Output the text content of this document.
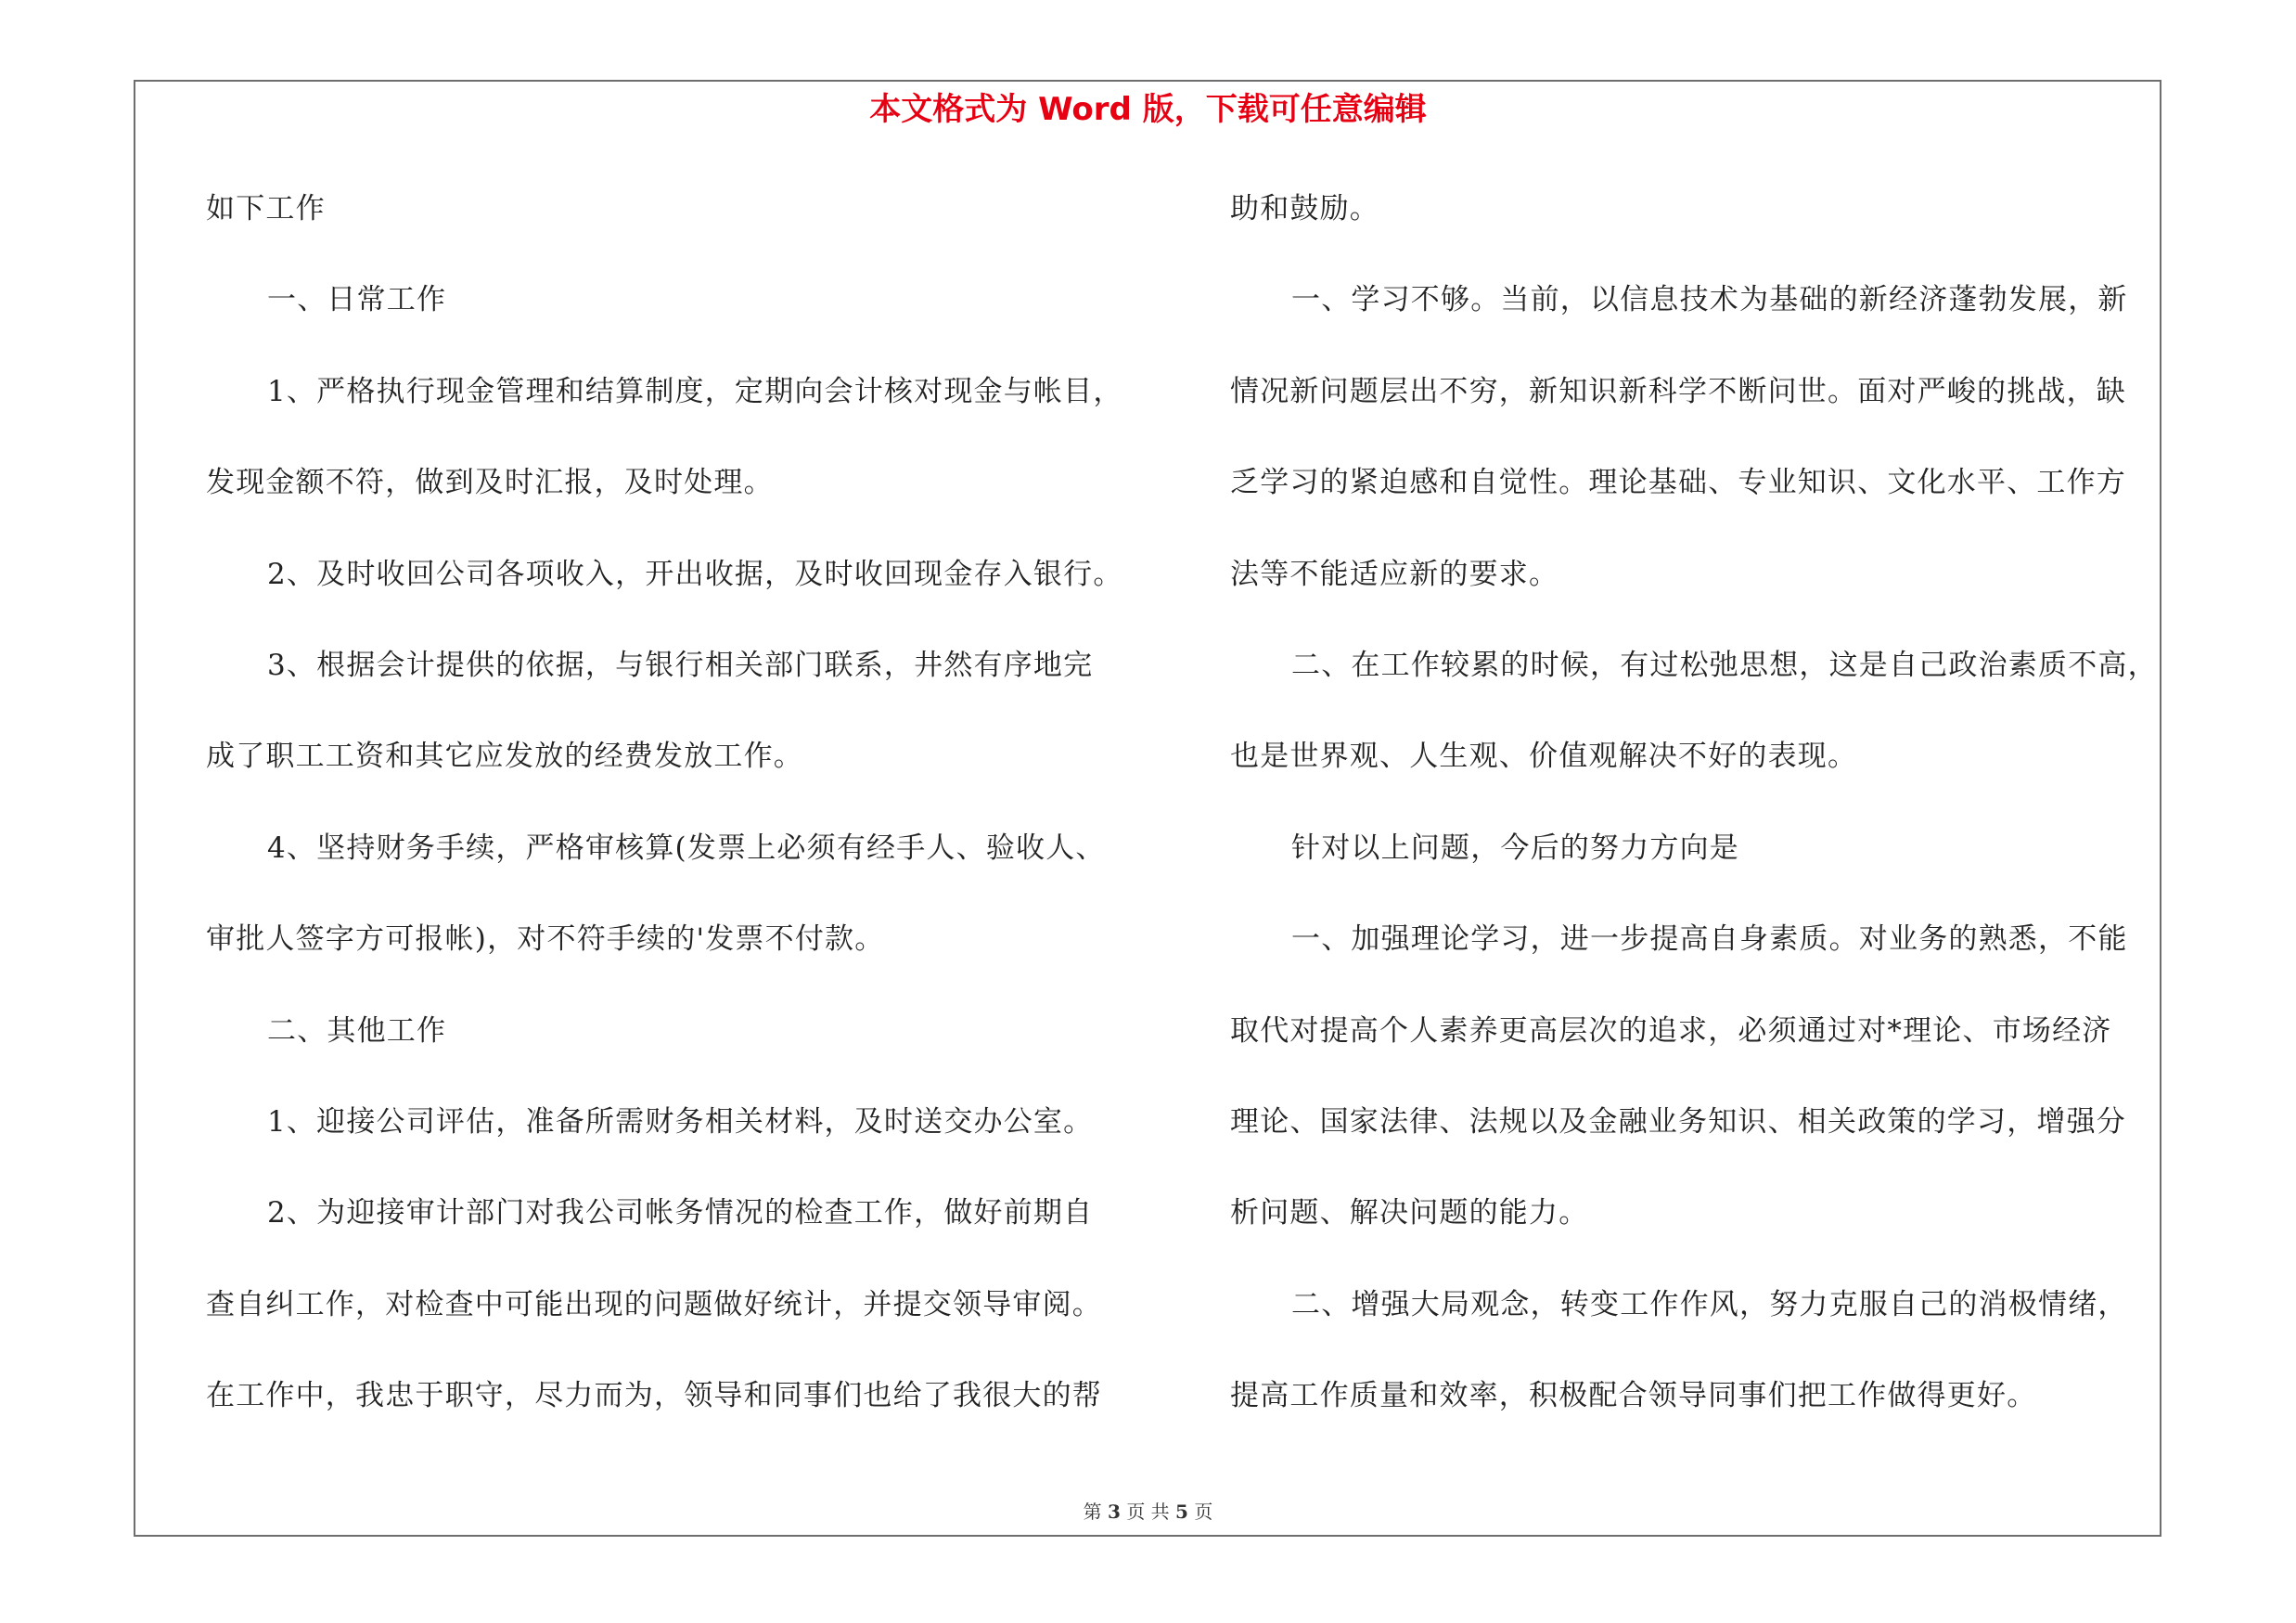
本文格式为 Word 版，下载可任意编辑
如下工作
一、日常工作
1、严格执行现金管理和结算制度，定期向会计核对现金与帐目，
发现金额不符，做到及时汇报，及时处理。
2、及时收回公司各项收入，开出收据，及时收回现金存入银行。
3、根据会计提供的依据，与银行相关部门联系，井然有序地完
成了职工工资和其它应发放的经费发放工作。
4、坚持财务手续，严格审核算(发票上必须有经手人、验收人、
审批人签字方可报帐)，对不符手续的'发票不付款。
二、其他工作
1、迎接公司评估，准备所需财务相关材料，及时送交办公室。
2、为迎接审计部门对我公司帐务情况的检查工作，做好前期自
查自纠工作，对检查中可能出现的问题做好统计，并提交领导审阅。
在工作中，我忠于职守，尽力而为，领导和同事们也给了我很大的帮
助和鼓励。
一、学习不够。当前，以信息技术为基础的新经济蓬勃发展，新
情况新问题层出不穷，新知识新科学不断问世。面对严峻的挑战，缺
乏学习的紧迫感和自觉性。理论基础、专业知识、文化水平、工作方
法等不能适应新的要求。
二、在工作较累的时候，有过松弛思想，这是自己政治素质不高，
也是世界观、人生观、价值观解决不好的表现。
针对以上问题，今后的努力方向是
一、加强理论学习，进一步提高自身素质。对业务的熟悉，不能
取代对提高个人素养更高层次的追求，必须通过对*理论、市场经济
理论、国家法律、法规以及金融业务知识、相关政策的学习，增强分
析问题、解决问题的能力。
二、增强大局观念，转变工作作风，努力克服自己的消极情绪，
提高工作质量和效率，积极配合领导同事们把工作做得更好。
第 3 页 共 5 页
